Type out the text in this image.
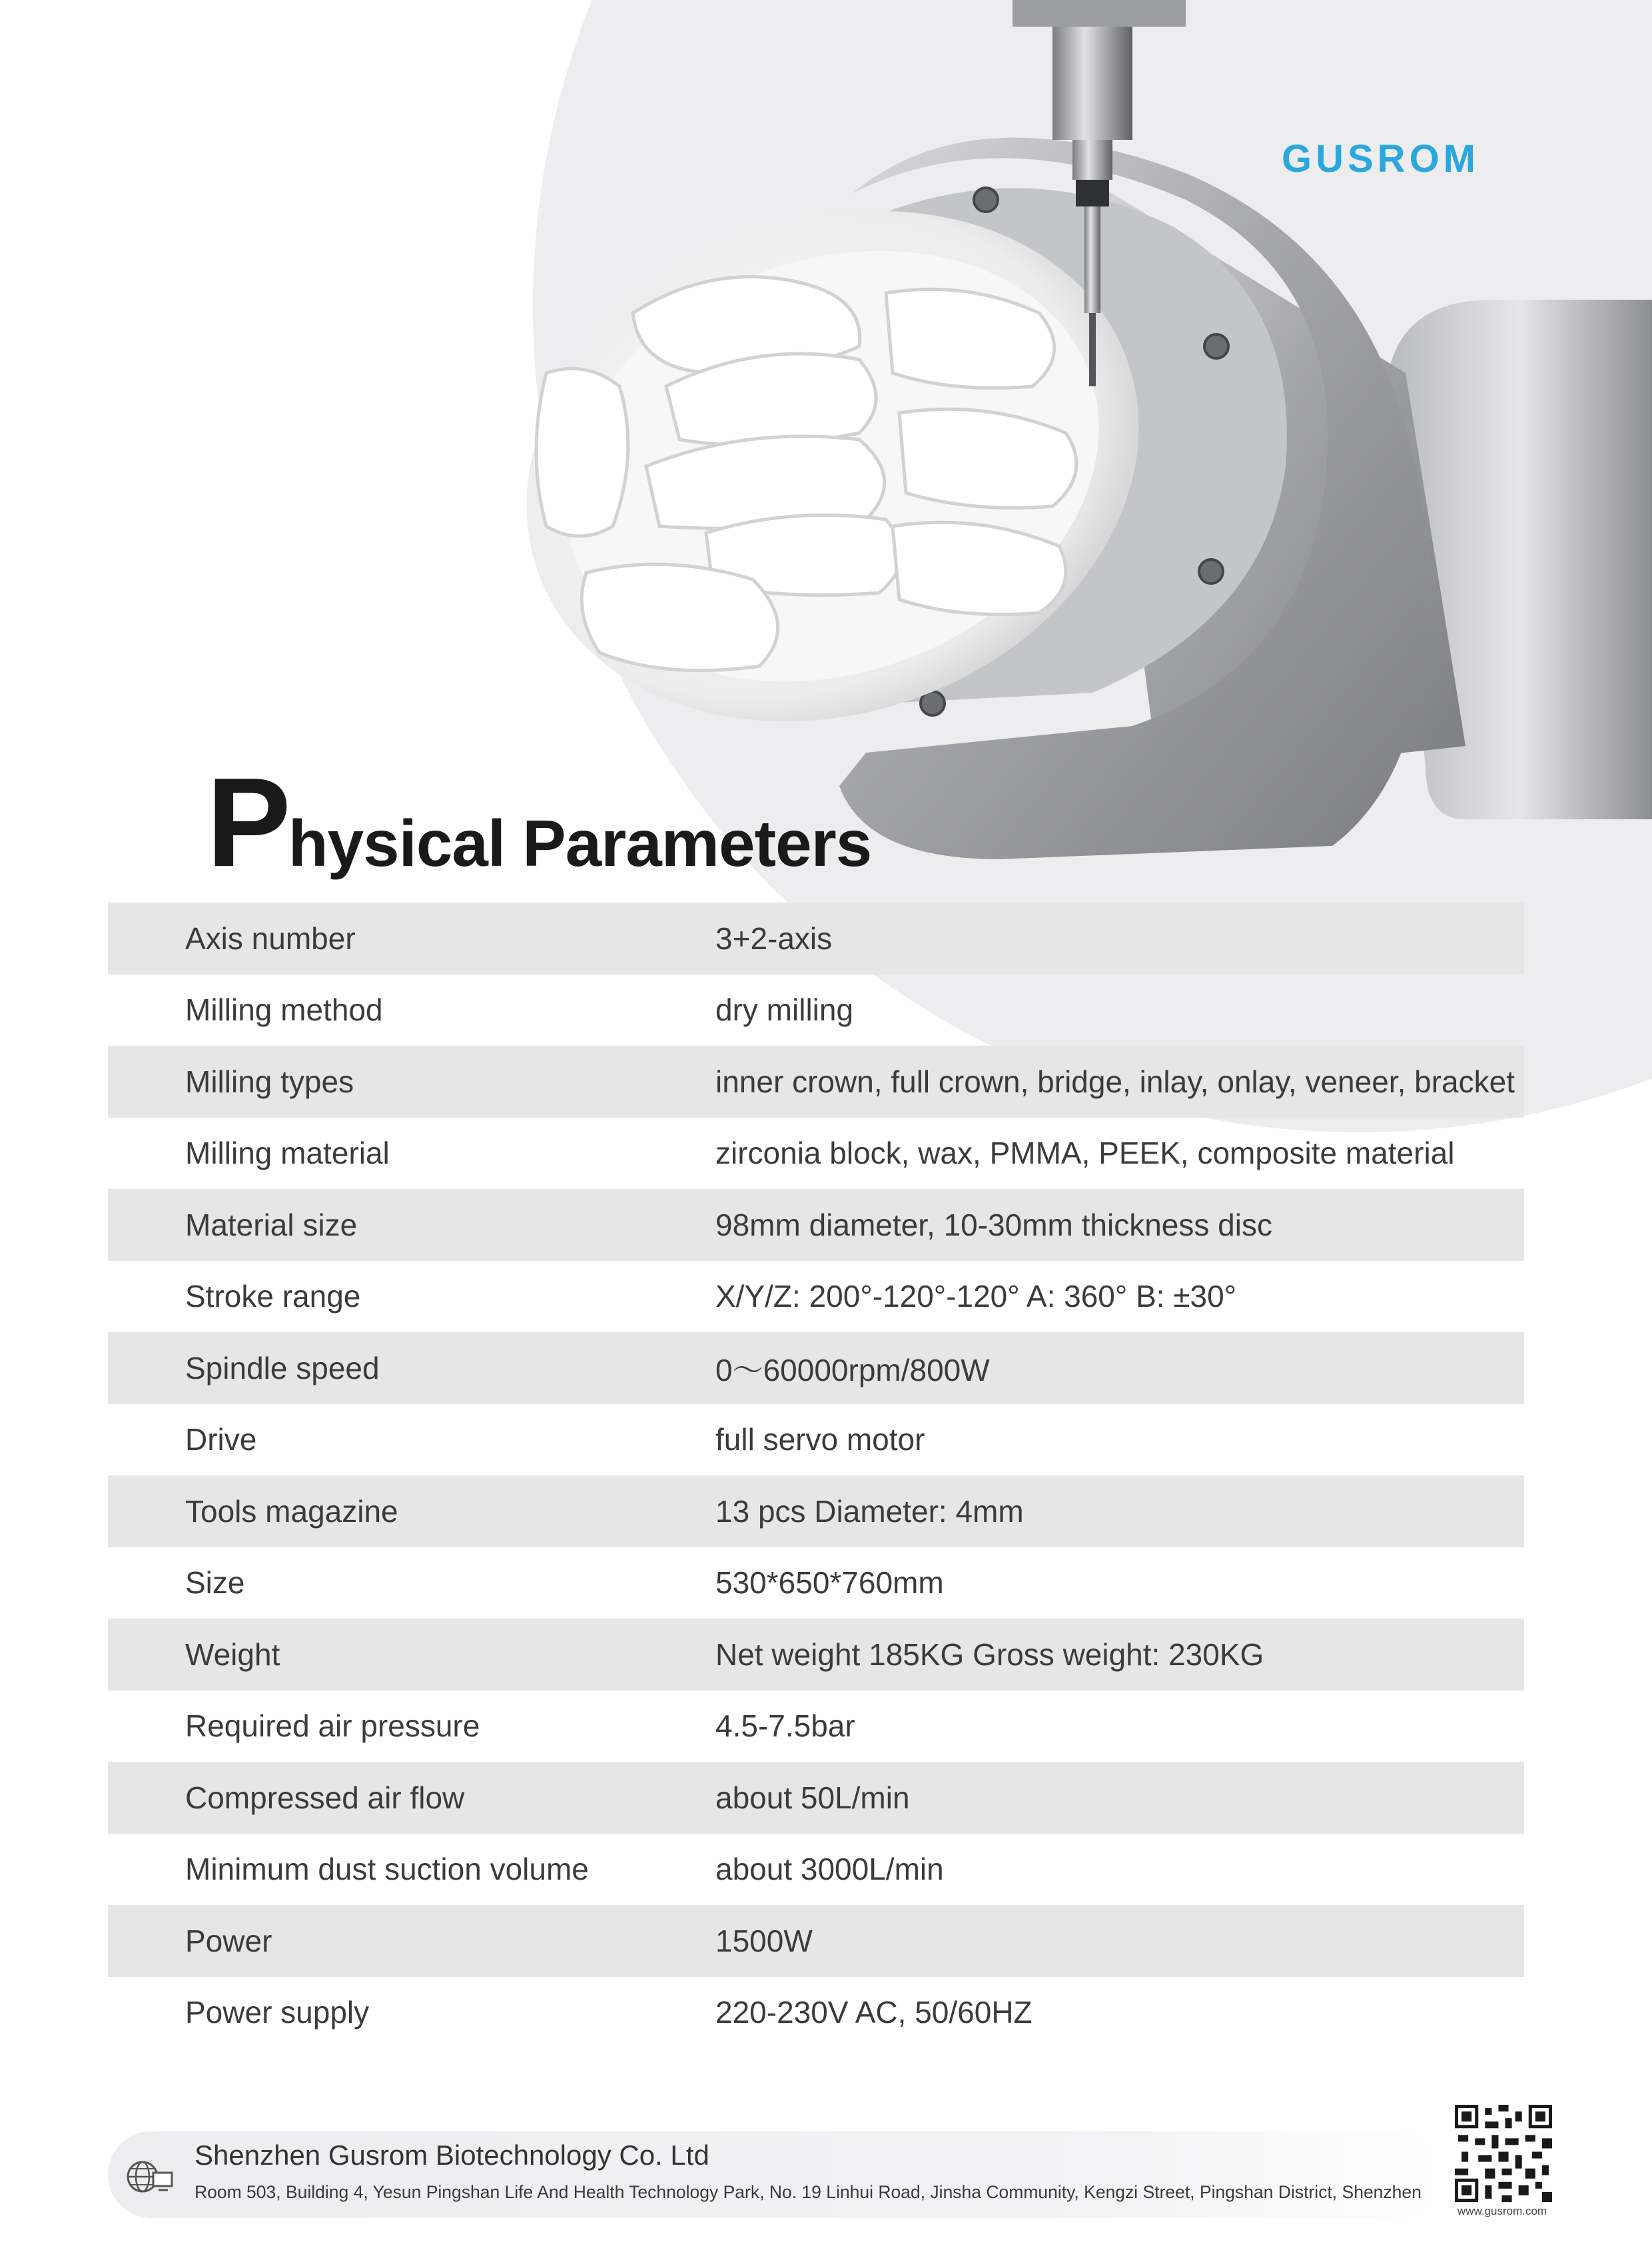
GUSROM
Physical Parameters
Axis number	3+2-axis
Milling method	dry milling
Milling types	inner crown, full crown, bridge, inlay, onlay, veneer, bracket
Milling material	zirconia block, wax, PMMA, PEEK, composite material
Material size	98mm diameter, 10-30mm thickness disc
Stroke range	X/Y/Z: 200°-120°-120° A: 360° B: ±30°
Spindle speed	0～60000rpm/800W
Drive	full servo motor
Tools magazine	13 pcs Diameter: 4mm
Size	530*650*760mm
Weight	Net weight 185KG Gross weight: 230KG
Required air pressure	4.5-7.5bar
Compressed air flow	about 50L/min
Minimum dust suction volume	about 3000L/min
Power	1500W
Power supply	220-230V AC, 50/60HZ
Shenzhen Gusrom Biotechnology Co. Ltd
Room 503, Building 4, Yesun Pingshan Life And Health Technology Park, No. 19 Linhui Road, Jinsha Community, Kengzi Street, Pingshan District, Shenzhen
www.gusrom.com
